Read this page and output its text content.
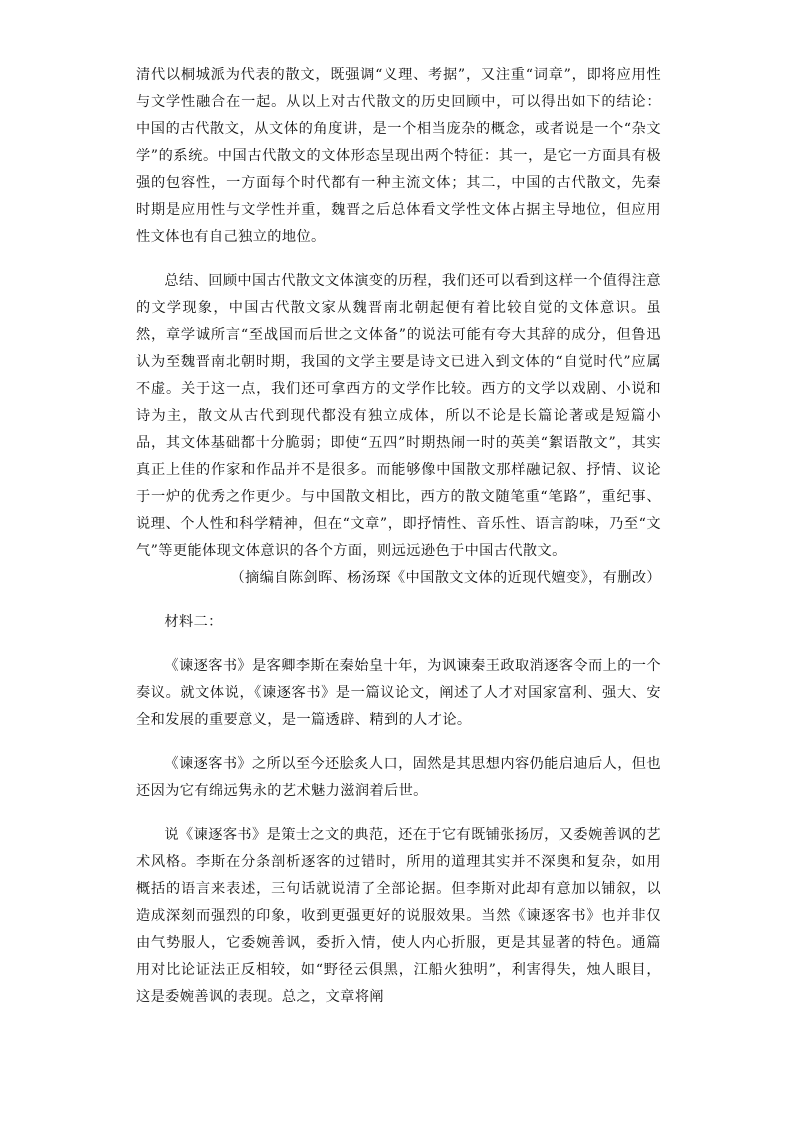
清代以桐城派为代表的散文，既强调“义理、考据”，又注重“词章”，即将应用性与文学性融合在一起。从以上对古代散文的历史回顾中，可以得出如下的结论：中国的古代散文，从文体的角度讲，是一个相当庞杂的概念，或者说是一个“杂文学”的系统。中国古代散文的文体形态呈现出两个特征：其一，是它一方面具有极强的包容性，一方面每个时代都有一种主流文体；其二，中国的古代散文，先秦时期是应用性与文学性并重，魏晋之后总体看文学性文体占据主导地位，但应用性文体也有自己独立的地位。

总结、回顾中国古代散文文体演变的历程，我们还可以看到这样一个值得注意的文学现象，中国古代散文家从魏晋南北朝起便有着比较自觉的文体意识。虽然，章学诚所言“至战国而后世之文体备”的说法可能有夸大其辞的成分，但鲁迅认为至魏晋南北朝时期，我国的文学主要是诗文已进入到文体的“自觉时代”应属不虚。关于这一点，我们还可拿西方的文学作比较。西方的文学以戏剧、小说和诗为主，散文从古代到现代都没有独立成体，所以不论是长篇论著或是短篇小品，其文体基础都十分脆弱；即使“五四”时期热闹一时的英美“絮语散文”，其实真正上佳的作家和作品并不是很多。而能够像中国散文那样融记叙、抒情、议论于一炉的优秀之作更少。与中国散文相比，西方的散文随笔重“笔路”，重纪事、说理、个人性和科学精神，但在“文章”，即抒情性、音乐性、语言韵味，乃至“文气”等更能体现文体意识的各个方面，则远远逊色于中国古代散文。

（摘编自陈剑晖、杨汤琛《中国散文文体的近现代嬗变》，有删改）

材料二：

《谏逐客书》是客卿李斯在秦始皇十年，为讽谏秦王政取消逐客令而上的一个奏议。就文体说，《谏逐客书》是一篇议论文，阐述了人才对国家富利、强大、安全和发展的重要意义，是一篇透辟、精到的人才论。

《谏逐客书》之所以至今还脍炙人口，固然是其思想内容仍能启迪后人，但也还因为它有绵远隽永的艺术魅力滋润着后世。

说《谏逐客书》是策士之文的典范，还在于它有既铺张扬厉，又委婉善讽的艺术风格。李斯在分条剖析逐客的过错时，所用的道理其实并不深奥和复杂，如用概括的语言来表述，三句话就说清了全部论据。但李斯对此却有意加以铺叙，以造成深刻而强烈的印象，收到更强更好的说服效果。当然《谏逐客书》也并非仅由气势服人，它委婉善讽，委折入情，使人内心折服，更是其显著的特色。通篇用对比论证法正反相较，如“野径云俱黑，江船火独明”，利害得失，烛人眼目，这是委婉善讽的表现。总之，文章将阐
